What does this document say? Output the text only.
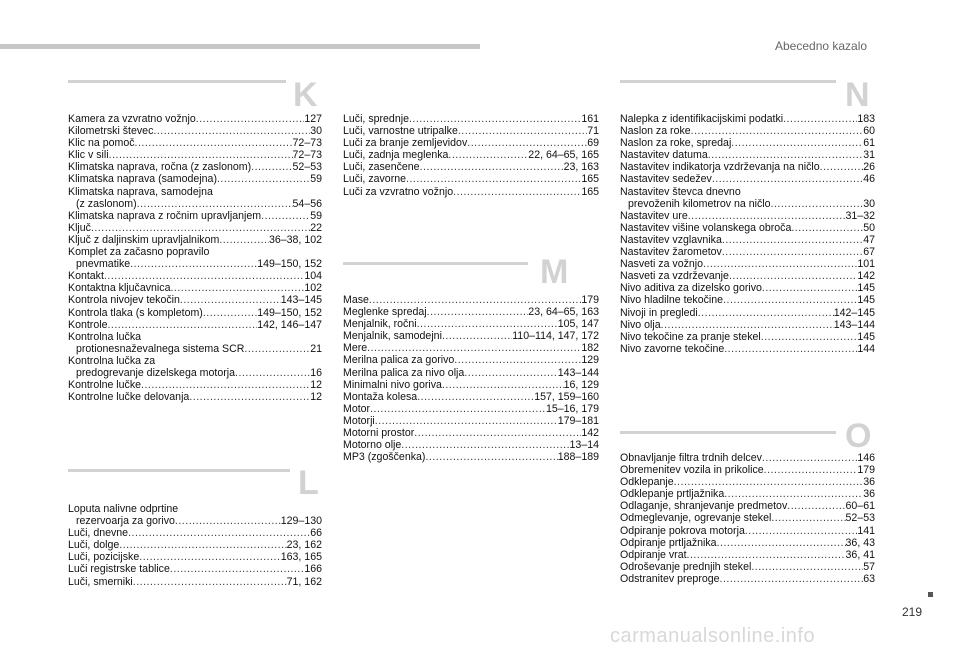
Abecedno kazalo
K
Kamera za vzvratno vožnjo .....	127
Kilometrski števec .....	30
Klic na pomoč .....	72–73
Klic v sili .....	72–73
Klimatska naprava, ročna (z zaslonom) .....	52–53
Klimatska naprava (samodejna) .....	59
Klimatska naprava, samodejna
(z zaslonom) .....	54–56
Klimatska naprava z ročnim upravljanjem .....	59
Ključ .....	22
Ključ z daljinskim upravljalnikom .....	36–38, 102
Komplet za začasno popravilo
pnevmatike .....	149–150, 152
Kontakt .....	104
Kontaktna ključavnica .....	102
Kontrola nivojev tekočin .....	143–145
Kontrola tlaka (s kompletom) .....	149–150, 152
Kontrole .....	142, 146–147
Kontrolna lučka
protionesnaževalnega sistema SCR .....	21
Kontrolna lučka za
predogrevanje dizelskega motorja .....	16
Kontrolne lučke .....	12
Kontrolne lučke delovanja .....	12
L
Loputa nalivne odprtine
rezervoarja za gorivo .....	129–130
Luči, dnevne .....	66
Luči, dolge .....	23, 162
Luči, pozicijske .....	163, 165
Luči registrske tablice .....	166
Luči, smerniki .....	71, 162
Luči, sprednje .....	161
Luči, varnostne utripalke .....	71
Luči za branje zemljevidov .....	69
Luči, zadnja meglenka .....	22, 64–65, 165
Luči, zasenčene .....	23, 163
Luči, zavorne .....	165
Luči za vzvratno vožnjo .....	165
M
Mase .....	179
Meglenke spredaj .....	23, 64–65, 163
Menjalnik, ročni .....	105, 147
Menjalnik, samodejni .....	110–114, 147, 172
Mere .....	182
Merilna palica za gorivo .....	129
Merilna palica za nivo olja .....	143–144
Minimalni nivo goriva .....	16, 129
Montaža kolesa .....	157, 159–160
Motor .....	15–16, 179
Motorji .....	179–181
Motorni prostor .....	142
Motorno olje .....	13–14
MP3 (zgoščenka) .....	188–189
N
Nalepka z identifikacijskimi podatki .....	183
Naslon za roke .....	60
Naslon za roke, spredaj .....	61
Nastavitev datuma .....	31
Nastavitev indikatorja vzdrževanja na ničlo .....	26
Nastavitev sedežev .....	46
Nastavitev števca dnevno
prevoženih kilometrov na ničlo .....	30
Nastavitev ure .....	31–32
Nastavitev višine volanskega obroča .....	50
Nastavitev vzglavnika .....	47
Nastavitev žarometov .....	67
Nasveti za vožnjo .....	101
Nasveti za vzdrževanje .....	142
Nivo aditiva za dizelsko gorivo .....	145
Nivo hladilne tekočine .....	145
Nivoji in pregledi .....	142–145
Nivo olja .....	143–144
Nivo tekočine za pranje stekel .....	145
Nivo zavorne tekočine .....	144
O
Obnavljanje filtra trdnih delcev .....	146
Obremenitev vozila in prikolice .....	179
Odklepanje .....	36
Odklepanje prtljažnika .....	36
Odlaganje, shranjevanje predmetov .....	60–61
Odmeglevanje, ogrevanje stekel .....	52–53
Odpiranje pokrova motorja .....	141
Odpiranje prtljažnika .....	36, 43
Odpiranje vrat .....	36, 41
Odroševanje prednjih stekel .....	57
Odstranitev preproge .....	63
219
carmanualsonline.info
